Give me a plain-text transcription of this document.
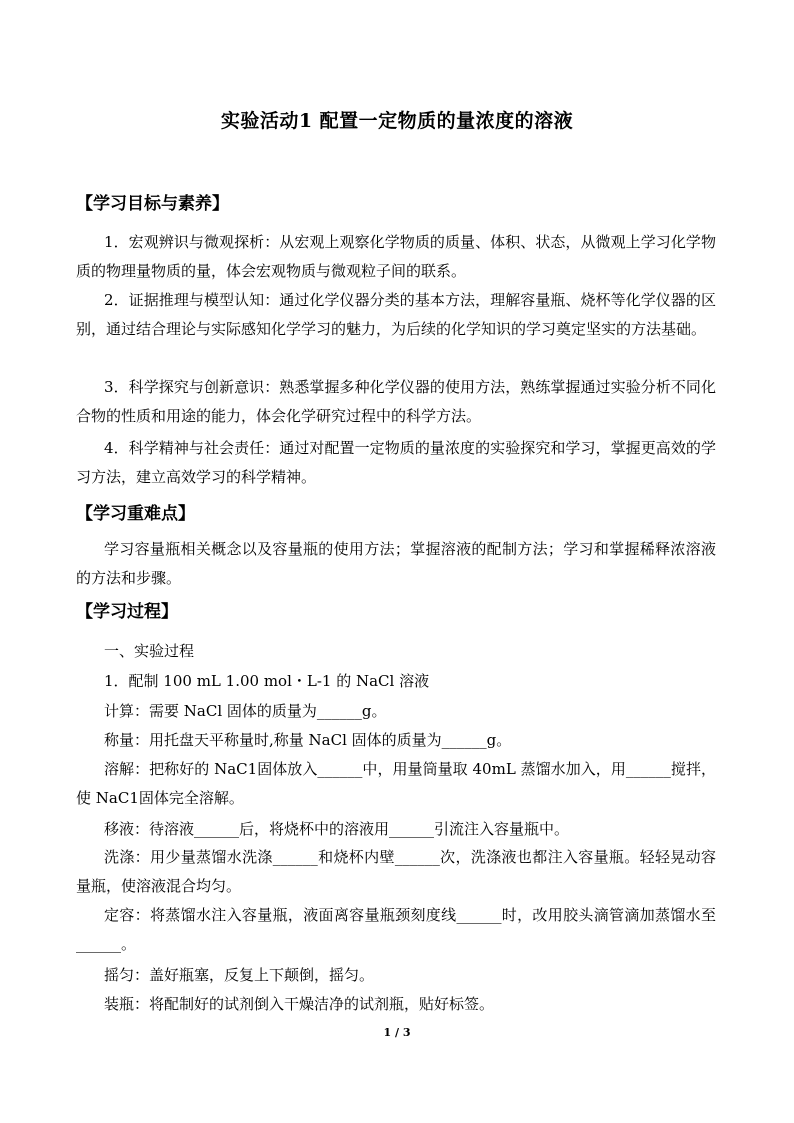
实验活动1 配置一定物质的量浓度的溶液
【学习目标与素养】
1．宏观辨识与微观探析：从宏观上观察化学物质的质量、体积、状态，从微观上学习化学物质的物理量物质的量，体会宏观物质与微观粒子间的联系。
2．证据推理与模型认知：通过化学仪器分类的基本方法，理解容量瓶、烧杯等化学仪器的区别，通过结合理论与实际感知化学学习的魅力，为后续的化学知识的学习奠定坚实的方法基础。
3．科学探究与创新意识：熟悉掌握多种化学仪器的使用方法，熟练掌握通过实验分析不同化合物的性质和用途的能力，体会化学研究过程中的科学方法。
4．科学精神与社会责任：通过对配置一定物质的量浓度的实验探究和学习，掌握更高效的学习方法，建立高效学习的科学精神。
【学习重难点】
学习容量瓶相关概念以及容量瓶的使用方法；掌握溶液的配制方法；学习和掌握稀释浓溶液的方法和步骤。
【学习过程】
一、实验过程
1．配制 100 mL 1.00 mol・L-1 的 NaCl 溶液
计算：需要 NaCl 固体的质量为______g。
称量：用托盘天平称量时,称量 NaCl 固体的质量为______g。
溶解：把称好的 NaC1固体放入______中，用量筒量取 40mL 蒸馏水加入，用______搅拌，使 NaC1固体完全溶解。
移液：待溶液______后，将烧杯中的溶液用______引流注入容量瓶中。
洗涤：用少量蒸馏水洗涤______和烧杯内壁______次，洗涤液也都注入容量瓶。轻轻晃动容量瓶，使溶液混合均匀。
定容：将蒸馏水注入容量瓶，液面离容量瓶颈刻度线______时，改用胶头滴管滴加蒸馏水至______。
摇匀：盖好瓶塞，反复上下颠倒，摇匀。
装瓶：将配制好的试剂倒入干燥洁净的试剂瓶，贴好标签。
1 / 3
